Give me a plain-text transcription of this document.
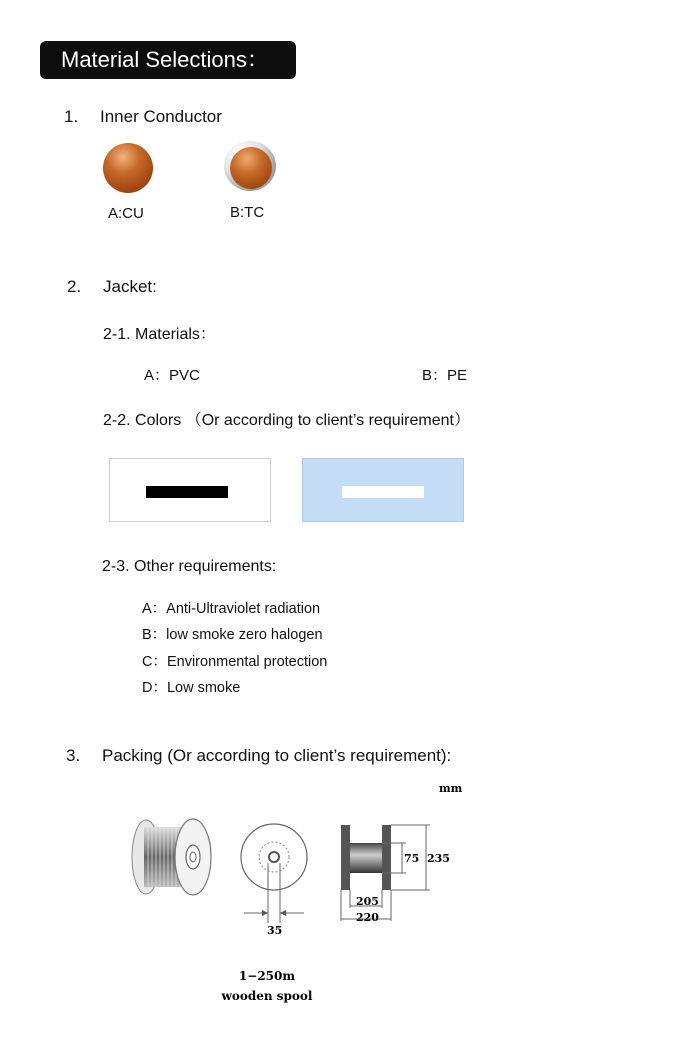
Material Selections：
1. Inner Conductor
A:CU	B:TC
2. Jacket:
2-1. Materials：
A：PVC	B：PE
2-2. Colors （Or according to client’s requirement）
2-3. Other requirements:
A：Anti-Ultraviolet radiation
B：low smoke zero halogen
C：Environmental protection
D：Low smoke
3. Packing (Or according to client’s requirement):
mm
35
75 235
205
220
1−250m
wooden spool
